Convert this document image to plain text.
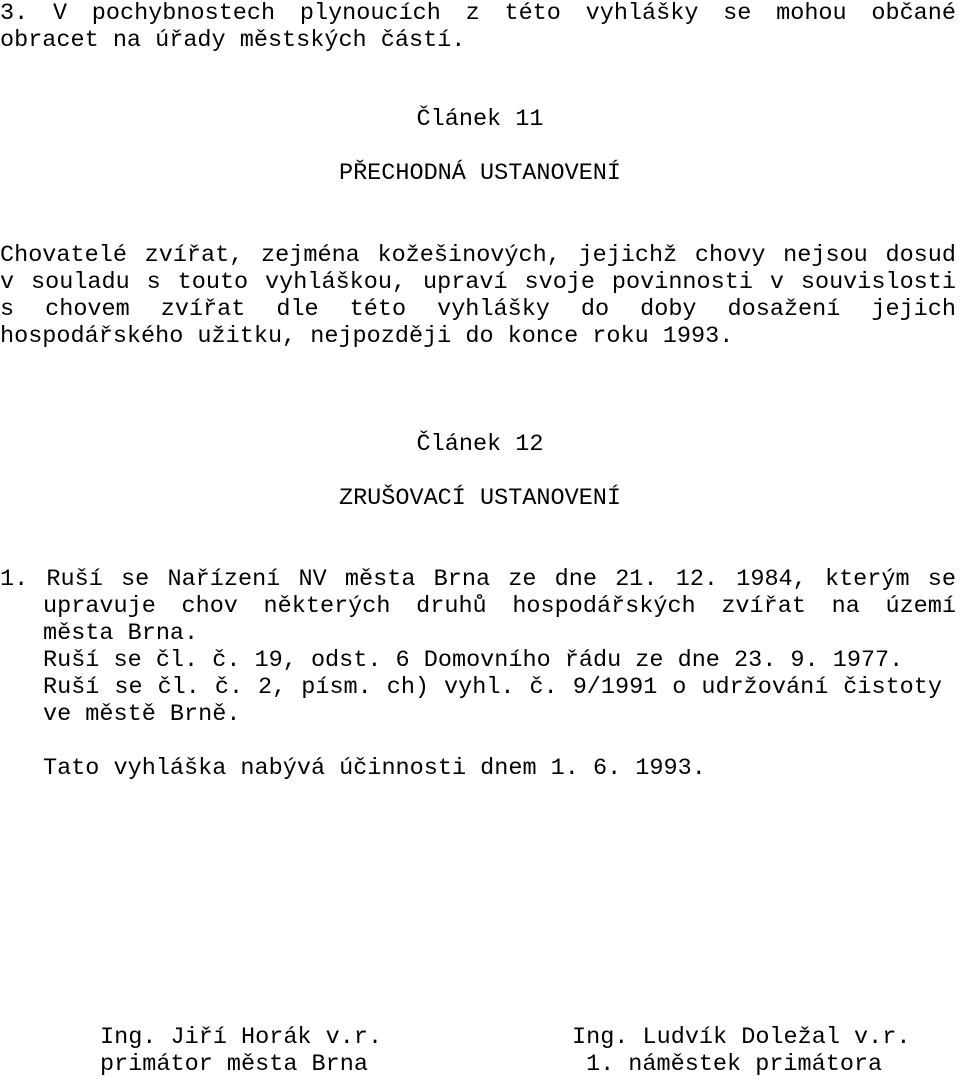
3. V pochybnostech plynoucích z této vyhlášky se mohou občané
obracet na úřady městských částí.
Článek 11
PŘECHODNÁ USTANOVENÍ
Chovatelé zvířat, zejména kožešinových, jejichž chovy nejsou dosud
v souladu s touto vyhláškou, upraví svoje povinnosti v souvislosti
s chovem zvířat dle této vyhlášky do doby dosažení jejich
hospodářského užitku, nejpozději do konce roku 1993.
Článek 12
ZRUŠOVACÍ USTANOVENÍ
1. Ruší se Nařízení NV města Brna ze dne 21. 12. 1984, kterým se
upravuje chov některých druhů hospodářských zvířat na území
města Brna.
Ruší se čl. č. 19, odst. 6 Domovního řádu ze dne 23. 9. 1977.
Ruší se čl. č. 2, písm. ch) vyhl. č. 9/1991 o udržování čistoty
ve městě Brně.
Tato vyhláška nabývá účinnosti dnem 1. 6. 1993.
Ing. Jiří Horák v.r.
primátor města Brna
Ing. Ludvík Doležal v.r.
1. náměstek primátora
